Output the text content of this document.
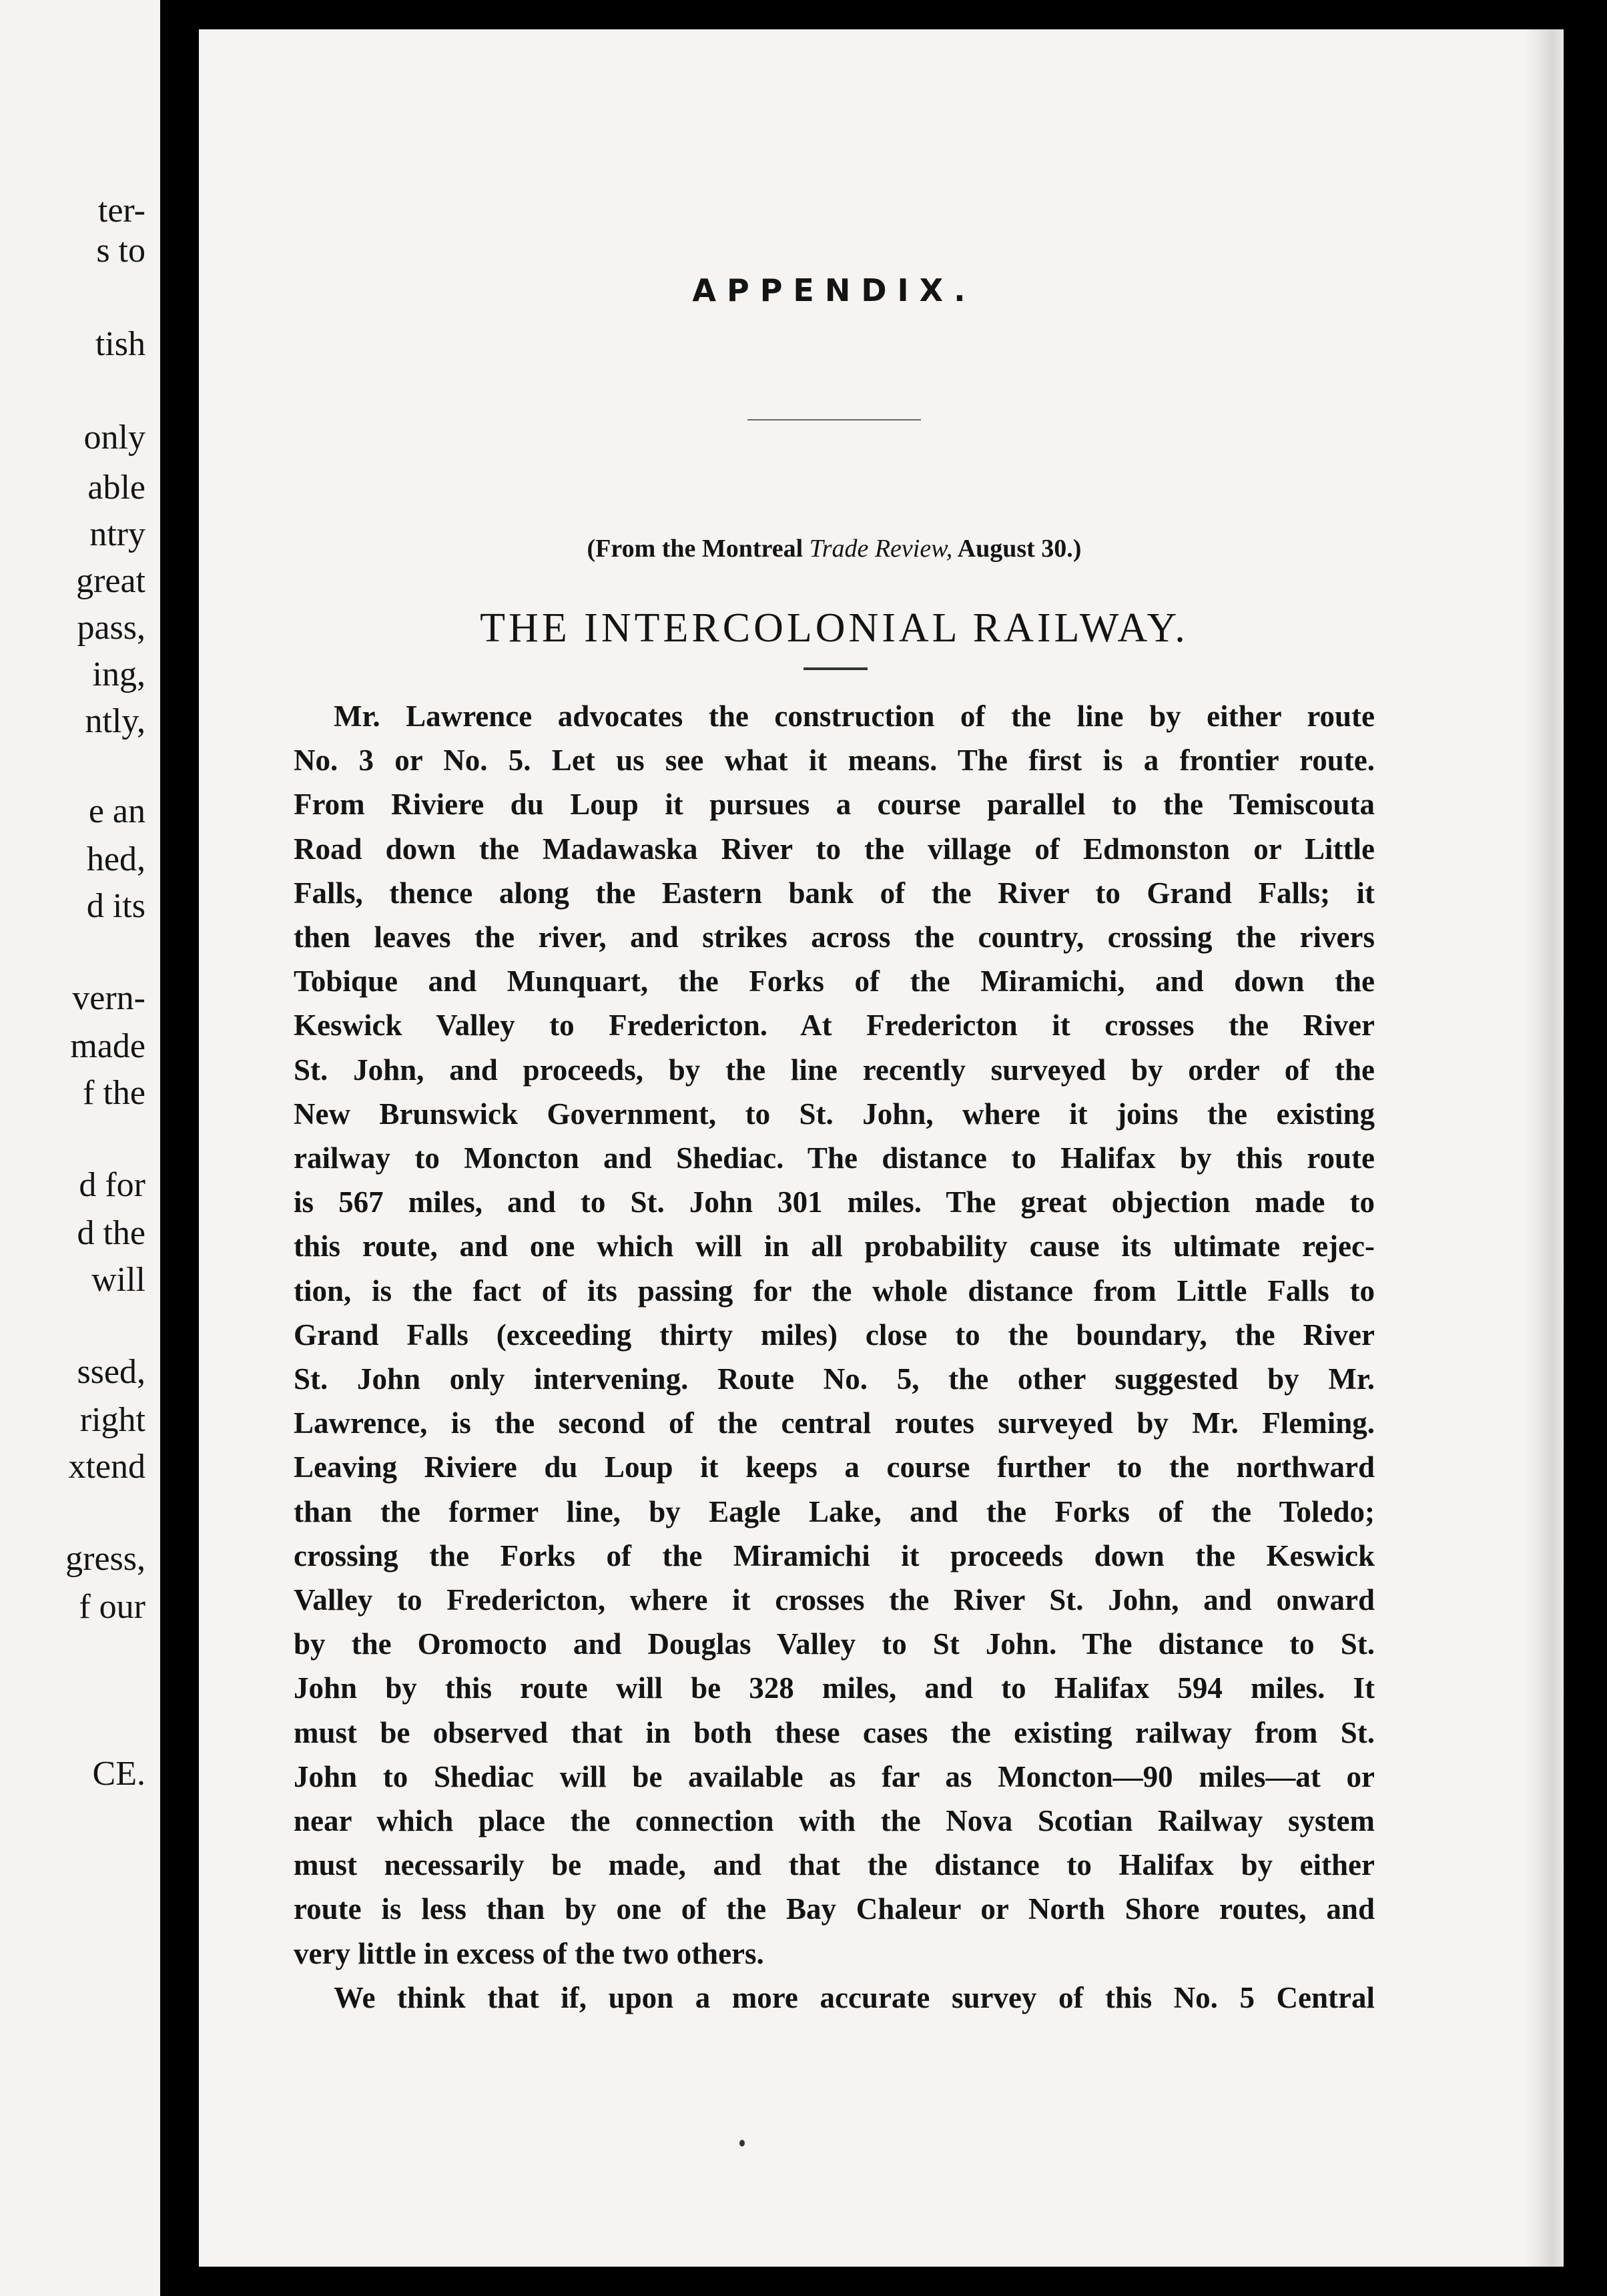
ter-
s to
tish
only
able
ntry
great
pass,
ing,
ntly,
e an
hed,
d its
vern-
made
f the
d for
d the
will
ssed,
right
xtend
gress,
f our
CE.
APPENDIX.
(From the Montreal Trade Review, August 30.)
THE INTERCOLONIAL RAILWAY.
Mr. Lawrence advocates the construction of the line by either route
No. 3 or No. 5. Let us see what it means. The first is a frontier route.
From Riviere du Loup it pursues a course parallel to the Temiscouta
Road down the Madawaska River to the village of Edmonston or Little
Falls, thence along the Eastern bank of the River to Grand Falls; it
then leaves the river, and strikes across the country, crossing the rivers
Tobique and Munquart, the Forks of the Miramichi, and down the
Keswick Valley to Fredericton. At Fredericton it crosses the River
St. John, and proceeds, by the line recently surveyed by order of the
New Brunswick Government, to St. John, where it joins the existing
railway to Moncton and Shediac. The distance to Halifax by this route
is 567 miles, and to St. John 301 miles. The great objection made to
this route, and one which will in all probability cause its ultimate rejec-
tion, is the fact of its passing for the whole distance from Little Falls to
Grand Falls (exceeding thirty miles) close to the boundary, the River
St. John only intervening. Route No. 5, the other suggested by Mr.
Lawrence, is the second of the central routes surveyed by Mr. Fleming.
Leaving Riviere du Loup it keeps a course further to the northward
than the former line, by Eagle Lake, and the Forks of the Toledo;
crossing the Forks of the Miramichi it proceeds down the Keswick
Valley to Fredericton, where it crosses the River St. John, and onward
by the Oromocto and Douglas Valley to St John. The distance to St.
John by this route will be 328 miles, and to Halifax 594 miles. It
must be observed that in both these cases the existing railway from St.
John to Shediac will be available as far as Moncton—90 miles—at or
near which place the connection with the Nova Scotian Railway system
must necessarily be made, and that the distance to Halifax by either
route is less than by one of the Bay Chaleur or North Shore routes, and
very little in excess of the two others.
We think that if, upon a more accurate survey of this No. 5 Central
